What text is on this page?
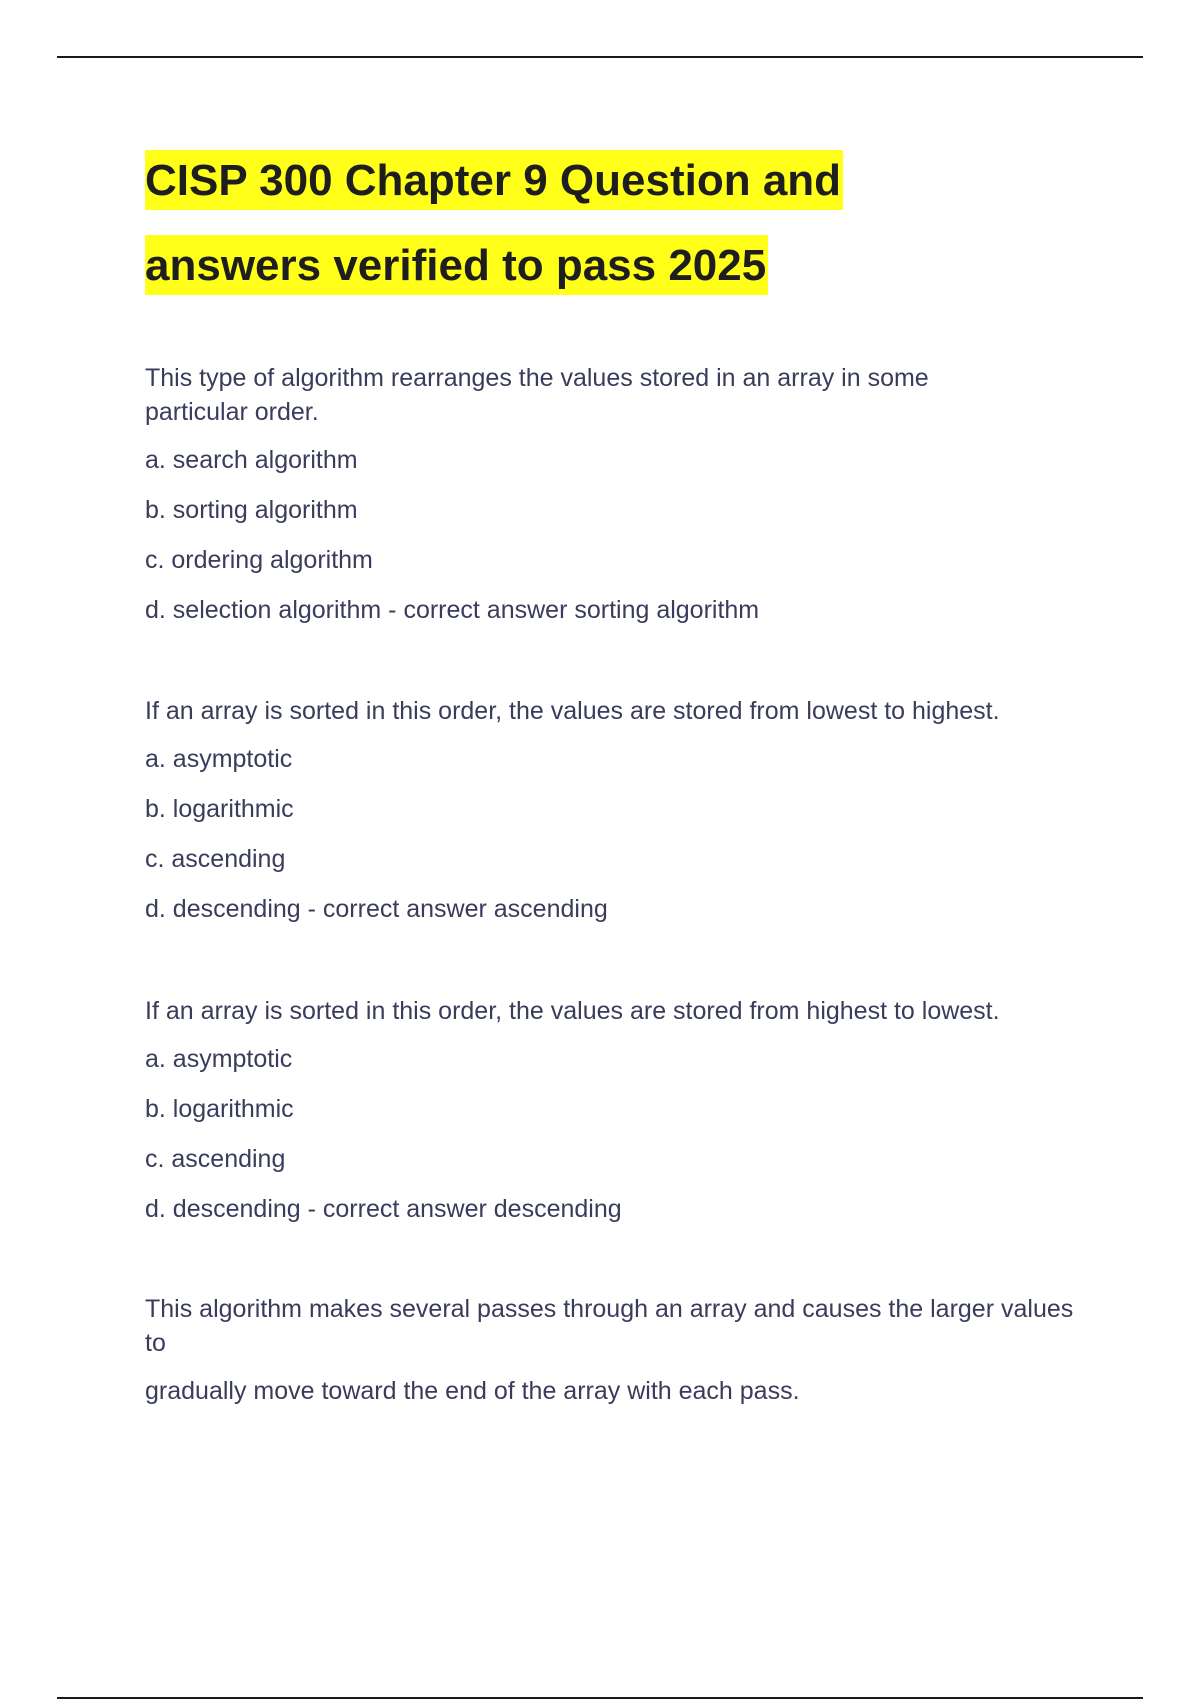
CISP 300 Chapter 9 Question and
answers verified to pass 2025

This type of algorithm rearranges the values stored in an array in some particular order.

a. search algorithm

b. sorting algorithm

c. ordering algorithm

d. selection algorithm - correct answer sorting algorithm

If an array is sorted in this order, the values are stored from lowest to highest.

a. asymptotic

b. logarithmic

c. ascending

d. descending - correct answer ascending

If an array is sorted in this order, the values are stored from highest to lowest.

a. asymptotic

b. logarithmic

c. ascending

d. descending - correct answer descending

This algorithm makes several passes through an array and causes the larger values to

gradually move toward the end of the array with each pass.
